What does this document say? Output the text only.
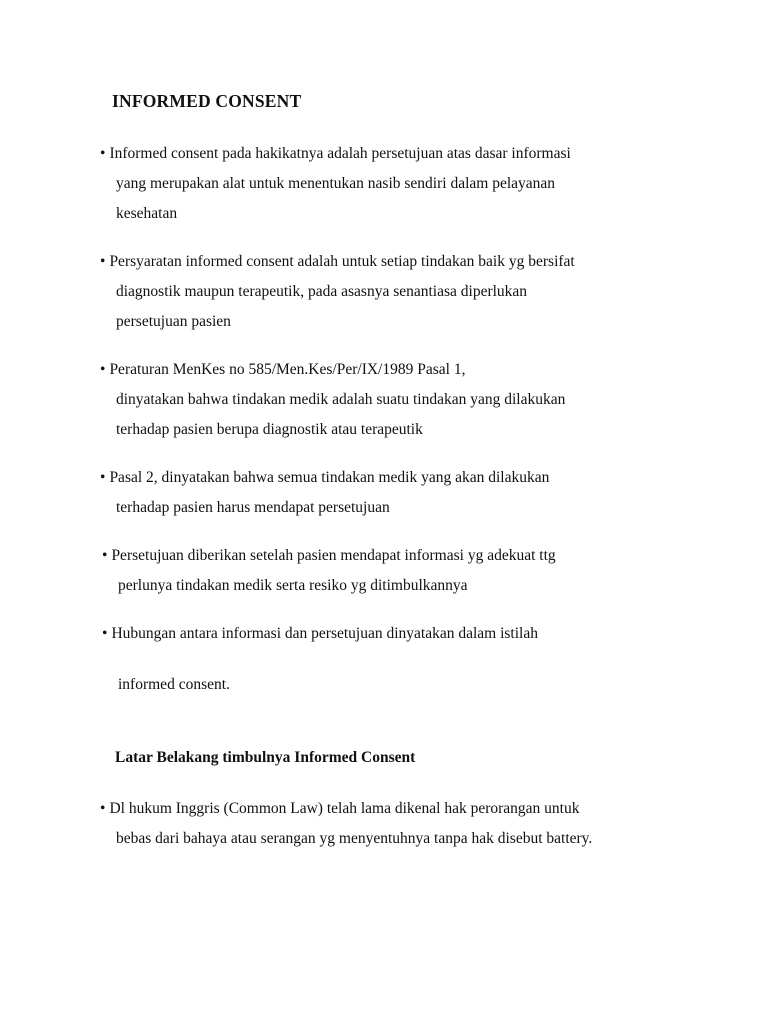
INFORMED CONSENT
• Informed consent pada hakikatnya adalah persetujuan atas dasar informasi
yang merupakan alat untuk menentukan nasib sendiri dalam pelayanan
kesehatan
• Persyaratan informed consent adalah untuk setiap tindakan baik yg bersifat
diagnostik maupun terapeutik, pada asasnya senantiasa diperlukan
persetujuan pasien
• Peraturan MenKes no 585/Men.Kes/Per/IX/1989 Pasal 1,
dinyatakan bahwa tindakan medik adalah suatu tindakan yang dilakukan
terhadap pasien berupa diagnostik atau terapeutik
• Pasal 2, dinyatakan bahwa semua tindakan medik yang akan dilakukan
terhadap pasien harus mendapat persetujuan
• Persetujuan diberikan setelah pasien mendapat informasi yg adekuat ttg
perlunya tindakan medik serta resiko yg ditimbulkannya
• Hubungan antara informasi dan persetujuan dinyatakan dalam istilah
informed consent.
Latar Belakang timbulnya Informed Consent
• Dl hukum Inggris (Common Law) telah lama dikenal hak perorangan untuk
bebas dari bahaya atau serangan yg menyentuhnya tanpa hak disebut battery.
